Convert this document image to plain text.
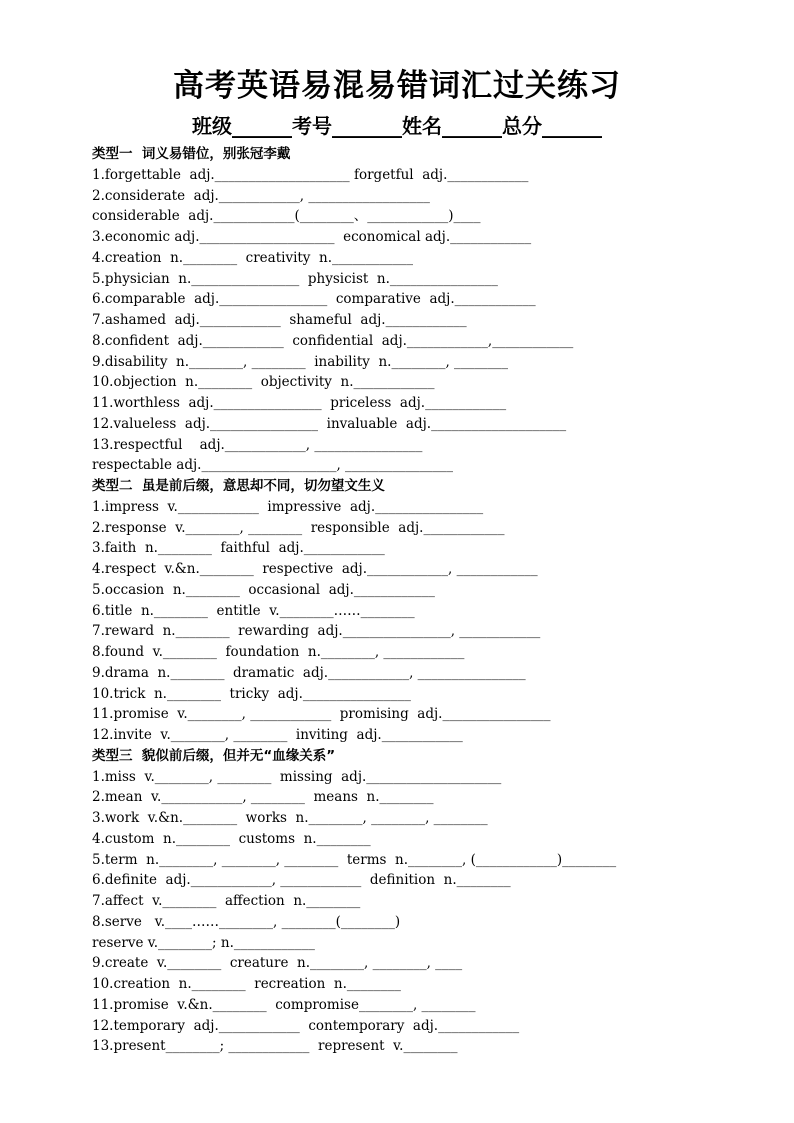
高考英语易混易错词汇过关练习
班级______考号_______姓名______总分______
类型一  词义易错位，别张冠李戴
1.forgettable  adj.____________________ forgetful  adj.____________
2.considerate  adj.____________, __________________
considerable  adj.____________(________、____________)____
3.economic adj.____________________  economical adj.____________
4.creation  n.________  creativity  n.____________
5.physician  n.________________  physicist  n.________________
6.comparable  adj.________________  comparative  adj.____________
7.ashamed  adj.____________  shameful  adj.____________
8.confident  adj.____________  confidential  adj.____________,____________
9.disability  n.________, ________  inability  n.________, ________
10.objection  n.________  objectivity  n.____________
11.worthless  adj.________________  priceless  adj.____________
12.valueless  adj.________________  invaluable  adj.____________________
13.respectful    adj.____________, ________________
respectable adj.____________________, ________________
类型二  虽是前后缀，意思却不同，切勿望文生义
1.impress  v.____________  impressive  adj.________________
2.response  v.________, ________  responsible  adj.____________
3.faith  n.________  faithful  adj.____________
4.respect  v.&n.________  respective  adj.____________, ____________
5.occasion  n.________  occasional  adj.____________
6.title  n.________  entitle  v.________……________
7.reward  n.________  rewarding  adj.________________, ____________
8.found  v.________  foundation  n.________, ____________
9.drama  n.________  dramatic  adj.____________, ________________
10.trick  n.________  tricky  adj.________________
11.promise  v.________, ____________  promising  adj.________________
12.invite  v.________, ________  inviting  adj.____________
类型三  貌似前后缀，但并无“血缘关系”
1.miss  v.________, ________  missing  adj.____________________
2.mean  v.____________, ________  means  n.________
3.work  v.&n.________  works  n.________, ________, ________
4.custom  n.________  customs  n.________
5.term  n.________, ________, ________  terms  n.________, (____________)________
6.definite  adj.____________, ____________  definition  n.________
7.affect  v.________  affection  n.________
8.serve   v.____……________, ________(________)
reserve v.________; n.____________
9.create  v.________  creature  n.________, ________, ____
10.creation  n.________  recreation  n.________
11.promise  v.&n.________  compromise________, ________
12.temporary  adj.____________  contemporary  adj.____________
13.present________; ____________  represent  v.________
